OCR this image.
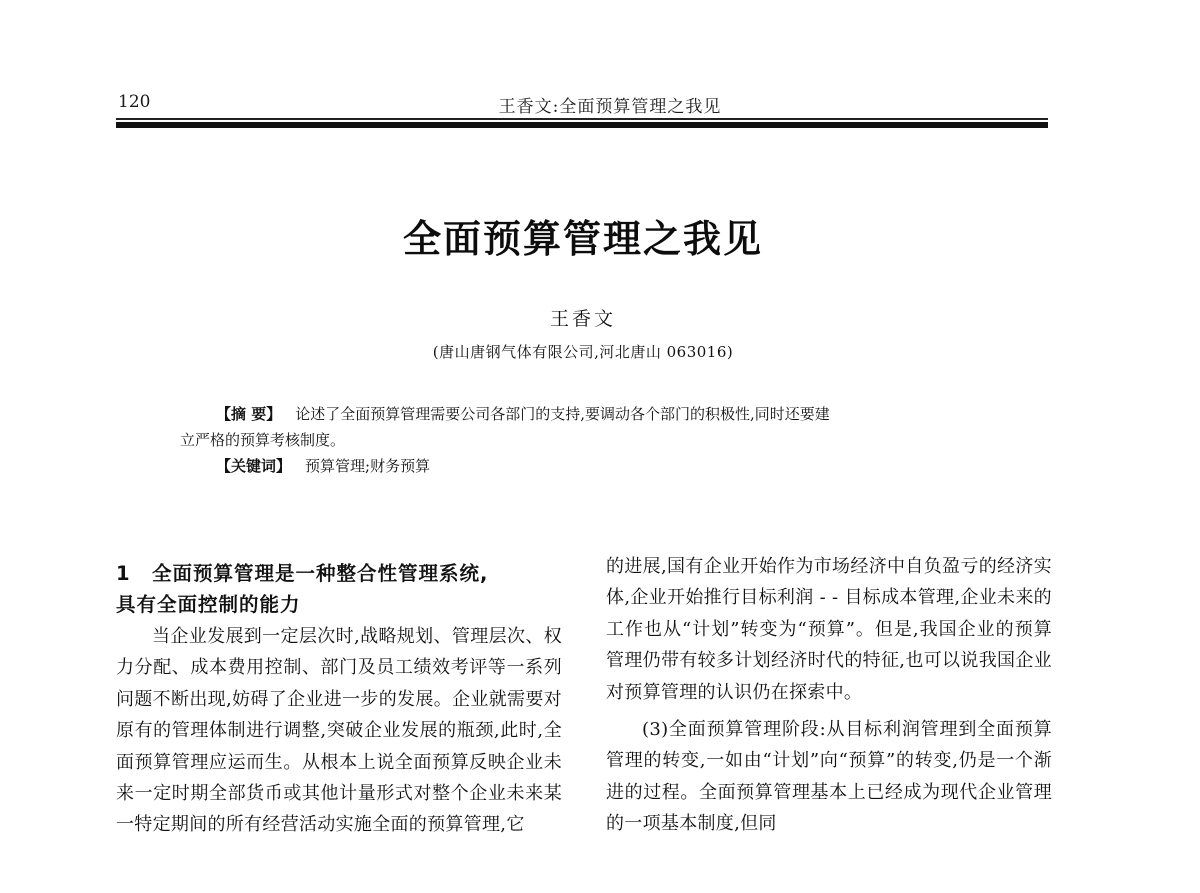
120	王香文:全面预算管理之我见
全面预算管理之我见
王香文
(唐山唐钢气体有限公司,河北唐山 063016)
【摘 要】 论述了全面预算管理需要公司各部门的支持,要调动各个部门的积极性,同时还要建
立严格的预算考核制度。
【关键词】 预算管理;财务预算
1 全面预算管理是一种整合性管理系统,
具有全面控制的能力

当企业发展到一定层次时,战略规划、管理层次、权力分配、成本费用控制、部门及员工绩效考评等一系列问题不断出现,妨碍了企业进一步的发展。企业就需要对原有的管理体制进行调整,突破企业发展的瓶颈,此时,全面预算管理应运而生。从根本上说全面预算反映企业未来一定时期全部货币或其他计量形式对整个企业未来某一特定期间的所有经营活动实施全面的预算管理,它

的进展,国有企业开始作为市场经济中自负盈亏的经济实体,企业开始推行目标利润 - - 目标成本管理,企业未来的工作也从“计划”转变为“预算”。但是,我国企业的预算管理仍带有较多计划经济时代的特征,也可以说我国企业对预算管理的认识仍在探索中。

(3)全面预算管理阶段:从目标利润管理到全面预算管理的转变,一如由“计划”向“预算”的转变,仍是一个渐进的过程。全面预算管理基本上已经成为现代企业管理的一项基本制度,但同
